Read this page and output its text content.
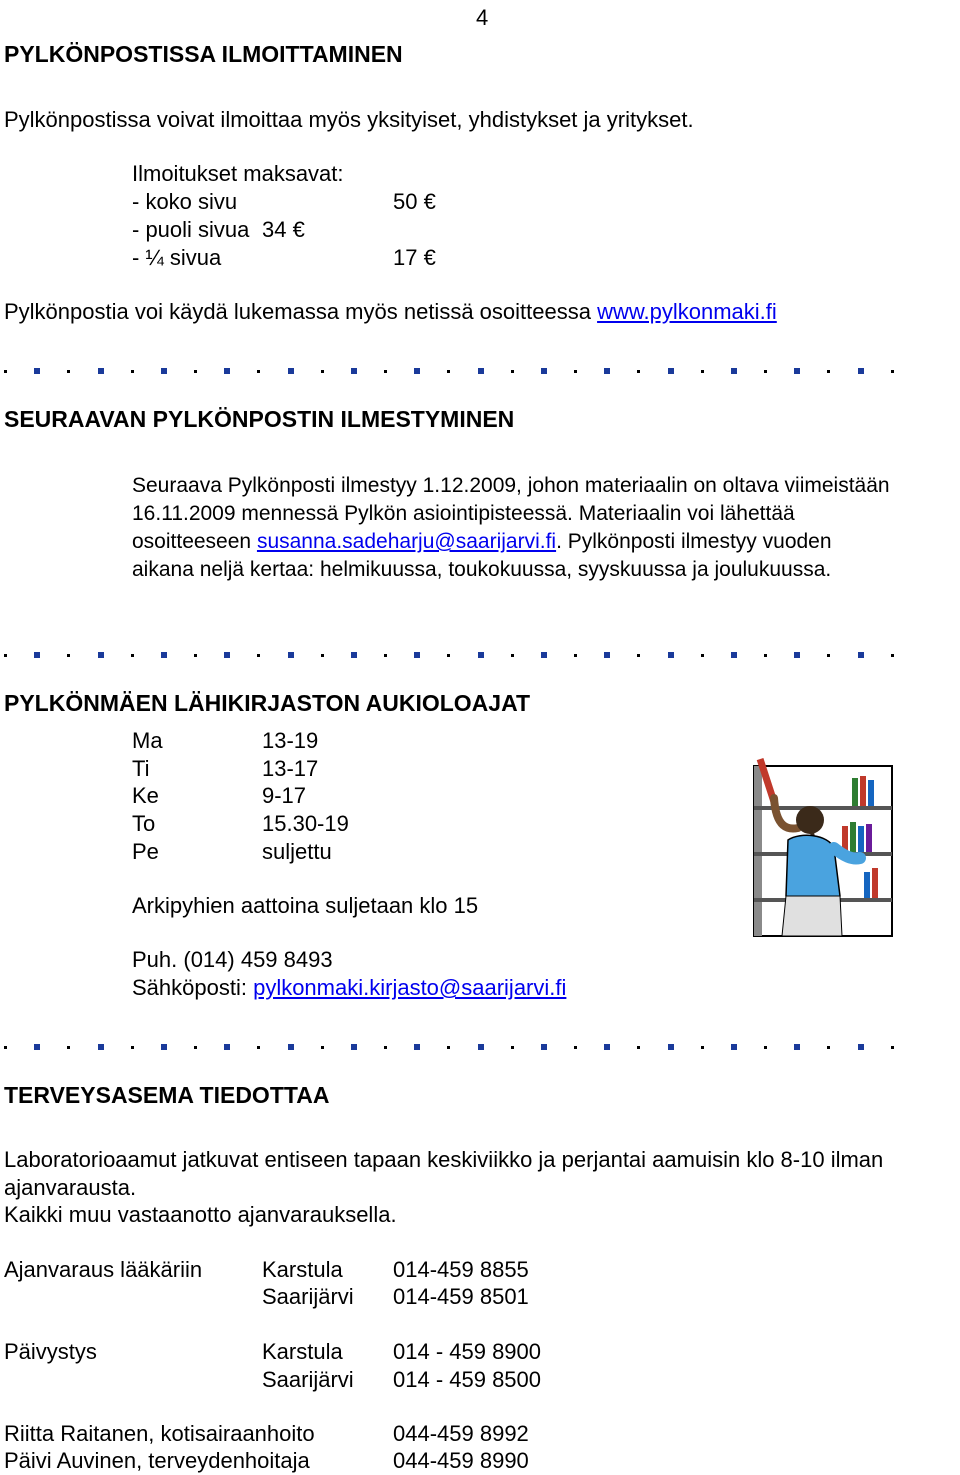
4
PYLKÖNPOSTISSA ILMOITTAMINEN
Pylkönpostissa voivat ilmoittaa myös yksityiset, yhdistykset ja yritykset.
Ilmoitukset maksavat:
- koko sivu	50 €
- puoli sivua 34 €
- ¼ sivua	17 €
Pylkönpostia voi käydä lukemassa myös netissä osoitteessa www.pylkonmaki.fi
SEURAAVAN PYLKÖNPOSTIN ILMESTYMINEN
Seuraava Pylkönposti ilmestyy 1.12.2009, johon materiaalin on oltava viimeistään 16.11.2009 mennessä Pylkön asiointipisteessä. Materiaalin voi lähettää osoitteeseen susanna.sadeharju@saarijarvi.fi. Pylkönposti ilmestyy vuoden aikana neljä kertaa: helmikuussa, toukokuussa, syyskuussa ja joulukuussa.
PYLKÖNMÄEN LÄHIKIRJASTON AUKIOLOAJAT
Ma	13-19
Ti	13-17
Ke	9-17
To	15.30-19
Pe	suljettu
Arkipyhien aattoina suljetaan klo 15
Puh. (014) 459 8493
Sähköposti: pylkonmaki.kirjasto@saarijarvi.fi
TERVEYSASEMA TIEDOTTAA
Laboratorioaamut jatkuvat entiseen tapaan keskiviikko ja perjantai aamuisin klo 8-10 ilman
ajanvarausta.
Kaikki muu vastaanotto ajanvarauksella.
Ajanvaraus lääkäriin	Karstula 014-459 8855
Saarijärvi 014-459 8501
Päivystys	Karstula 014 - 459 8900
Saarijärvi 014 - 459 8500
Riitta Raitanen, kotisairaanhoito	044-459 8992
Päivi Auvinen, terveydenhoitaja	044-459 8990
